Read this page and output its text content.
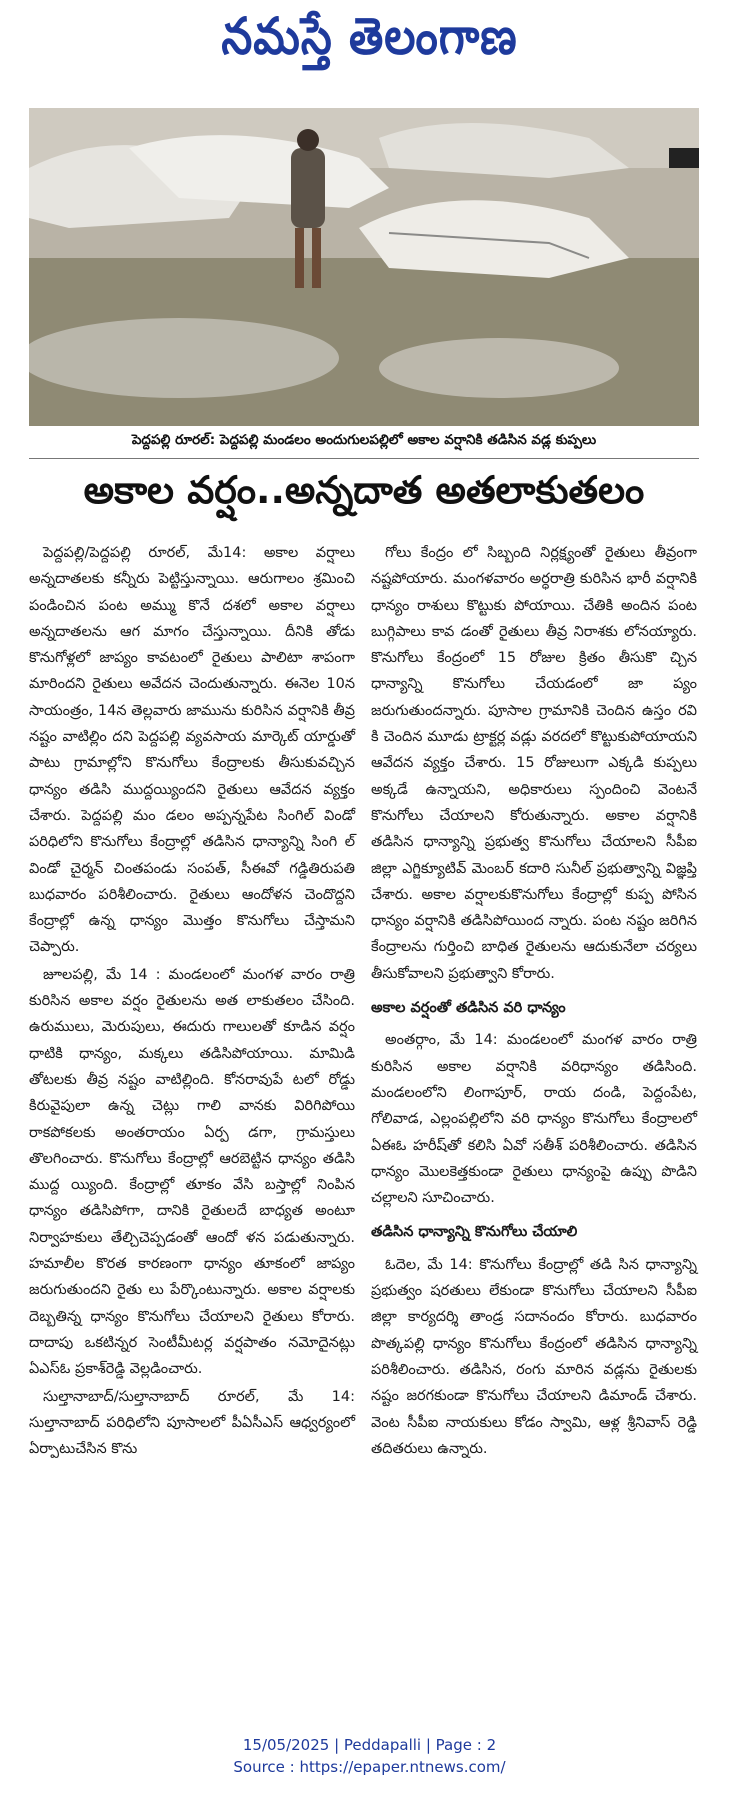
నమస్తే తెలంగాణ
పెద్దపల్లి రూరల్: పెద్దపల్లి మండలం అందుగులపల్లిలో అకాల వర్షానికి తడిసిన వడ్ల కుప్పలు
అకాల వర్షం..అన్నదాత అతలాకుతలం

పెద్దపల్లి/పెద్దపల్లి రూరల్, మే14: అకాల వర్షాలు అన్నదాతలకు కన్నీరు పెట్టిస్తున్నాయి. ఆరుగాలం శ్రమించి పండించిన పంట అమ్ము కొనే దశలో అకాల వర్షాలు అన్నదాతలను ఆగ మాగం చేస్తున్నాయి. దీనికి తోడు కొనుగోళ్లలో జాప్యం కావటంలో రైతులు పాలిటా శాపంగా మారిందని రైతులు అవేదన చెందుతున్నారు. ఈనెల 10న సాయంత్రం, 14న తెల్లవారు జామును కురిసిన వర్షానికి తీవ్ర నష్టం వాటిల్లిం దని పెద్దపల్లి వ్యవసాయ మార్కెట్ యార్డుతో పాటు గ్రామాల్లోని కొనుగోలు కేంద్రాలకు తీసుకువచ్చిన ధాన్యం తడిసి ముద్దయ్యిందని రైతులు ఆవేదన వ్యక్తం చేశారు. పెద్దపల్లి మం డలం అప్పన్నపేట సింగిల్ విండో పరిధిలోని కొనుగోలు కేంద్రాల్లో తడిసిన ధాన్యాన్ని సింగి ల్ విండో చైర్మన్ చింతపండు సంపత్, సీఈవో గడ్డితిరుపతి బుధవారం పరిశీలించారు. రైతులు ఆందోళన చెందొద్దని కేంద్రాల్లో ఉన్న ధాన్యం మొత్తం కొనుగోలు చేస్తామని చెప్పారు.

జూలపల్లి, మే 14 : మండలంలో మంగళ వారం రాత్రి కురిసిన అకాల వర్షం రైతులను అత లాకుతలం చేసింది. ఉరుములు, మెరుపులు, ఈదురు గాలులతో కూడిన వర్షం ధాటికి ధాన్యం, మక్కలు తడిసిపోయాయి. మామిడి తోటలకు తీవ్ర నష్టం వాటిల్లింది. కోనరావుపే టలో రోడ్డు కిరువైపులా ఉన్న చెట్లు గాలి వానకు విరిగిపోయి రాకపోకలకు అంతరాయం ఏర్ప డగా, గ్రామస్తులు తొలగించారు. కొనుగోలు కేంద్రాల్లో ఆరబెట్టిన ధాన్యం తడిసి ముద్ద య్యింది. కేంద్రాల్లో తూకం వేసి బస్తాల్లో నింపిన ధాన్యం తడిసిపోగా, దానికి రైతులదే బాధ్యత అంటూ నిర్వాహకులు తేల్చిచెప్పడంతో ఆందో ళన పడుతున్నారు. హమాలీల కొరత కారణంగా ధాన్యం తూకంలో జాప్యం జరుగుతుందని రైతు లు పేర్కొంటున్నారు. అకాల వర్షాలకు దెబ్బతిన్న ధాన్యం కొనుగోలు చేయాలని రైతులు కోరారు. దాదాపు ఒకటిన్నర సెంటీమీటర్ల వర్షపాతం నమోదైనట్లు ఏఎస్ఓ ప్రకాశ్‌రెడ్డి వెల్లడించారు.

సుల్తానాబాద్/సుల్తానాబాద్ రూరల్, మే 14: సుల్తానాబాద్ పరిధిలోని పూసాలలో పీఏసీఎస్ ఆధ్వర్యంలో ఏర్పాటుచేసిన కొను

గోలు కేంద్రం లో సిబ్బంది నిర్లక్ష్యంతో రైతులు తీవ్రంగా నష్టపోయారు. మంగళవారం అర్ధరాత్రి కురిసిన భారీ వర్షానికి ధాన్యం రాశులు కొట్టుకు పోయాయి. చేతికి అందిన పంట బుగ్గిపాలు కావ డంతో రైతులు తీవ్ర నిరాశకు లోనయ్యారు. కొనుగోలు కేంద్రంలో 15 రోజుల క్రితం తీసుకొ చ్చిన ధాన్యాన్ని కొనుగోలు చేయడంలో జా ప్యం జరుగుతుందన్నారు. పూసాల గ్రామానికి చెందిన ఉస్తం రవి కి చెందిన మూడు ట్రాక్టర్ల వడ్లు వరదలో కొట్టుకుపోయాయని ఆవేదన వ్యక్తం చేశారు. 15 రోజులుగా ఎక్కడి కుప్పలు అక్కడే ఉన్నాయని, అధికారులు స్పందించి వెంటనే కొనుగోలు చేయాలని కోరుతున్నారు. అకాల వర్షానికి తడిసిన ధాన్యాన్ని ప్రభుత్వ కొనుగోలు చేయాలని సీపీఐ జిల్లా ఎగ్జిక్యూటివ్ మెంబర్ కదారి సునీల్ ప్రభుత్వాన్ని విజ్ఞప్తి చేశారు. అకాల వర్షాలకుకొనుగోలు కేంద్రాల్లో కుప్ప పోసిన ధాన్యం వర్షానికి తడిసిపోయింద న్నారు. పంట నష్టం జరిగిన కేంద్రాలను గుర్తించి బాధిత రైతులను ఆదుకునేలా చర్యలు తీసుకోవాలని ప్రభుత్వాని కోరారు.

అకాల వర్షంతో తడిసిన వరి ధాన్యం

అంతర్గాం, మే 14: మండలంలో మంగళ వారం రాత్రి కురిసిన అకాల వర్షానికి వరిధాన్యం తడిసింది. మండలంలోని లింగాపూర్, రాయ దండి, పెద్దంపేట, గోలివాడ, ఎల్లంపల్లిలోని వరి ధాన్యం కొనుగోలు కేంద్రాలలో ఏఈఓ హరీష్‌తో కలిసి ఏవో సతీశ్ పరిశీలించారు. తడిసిన ధాన్యం మొలకెత్తకుండా రైతులు ధాన్యంపై ఉప్పు పొడిని చల్లాలని సూచించారు.

తడిసిన ధాన్యాన్ని కొనుగోలు చేయాలి

ఓదెల, మే 14: కొనుగోలు కేంద్రాల్లో తడి సిన ధాన్యాన్ని ప్రభుత్వం షరతులు లేకుండా కొనుగోలు చేయాలని సీపీఐ జిల్లా కార్యదర్శి తాండ్ర సదానందం కోరారు. బుధవారం పొత్కపల్లి ధాన్యం కొనుగోలు కేంద్రంలో తడిసిన ధాన్యాన్ని పరిశీలించారు. తడిసిన, రంగు మారిన వడ్లను రైతులకు నష్టం జరగకుండా కొనుగోలు చేయాలని డిమాండ్ చేశారు. వెంట సీపీఐ నాయకులు కోడం స్వామి, ఆళ్ల శ్రీనివాస్ రెడ్డి తదితరులు ఉన్నారు.

15/05/2025 | Peddapalli | Page : 2
Source : https://epaper.ntnews.com/
